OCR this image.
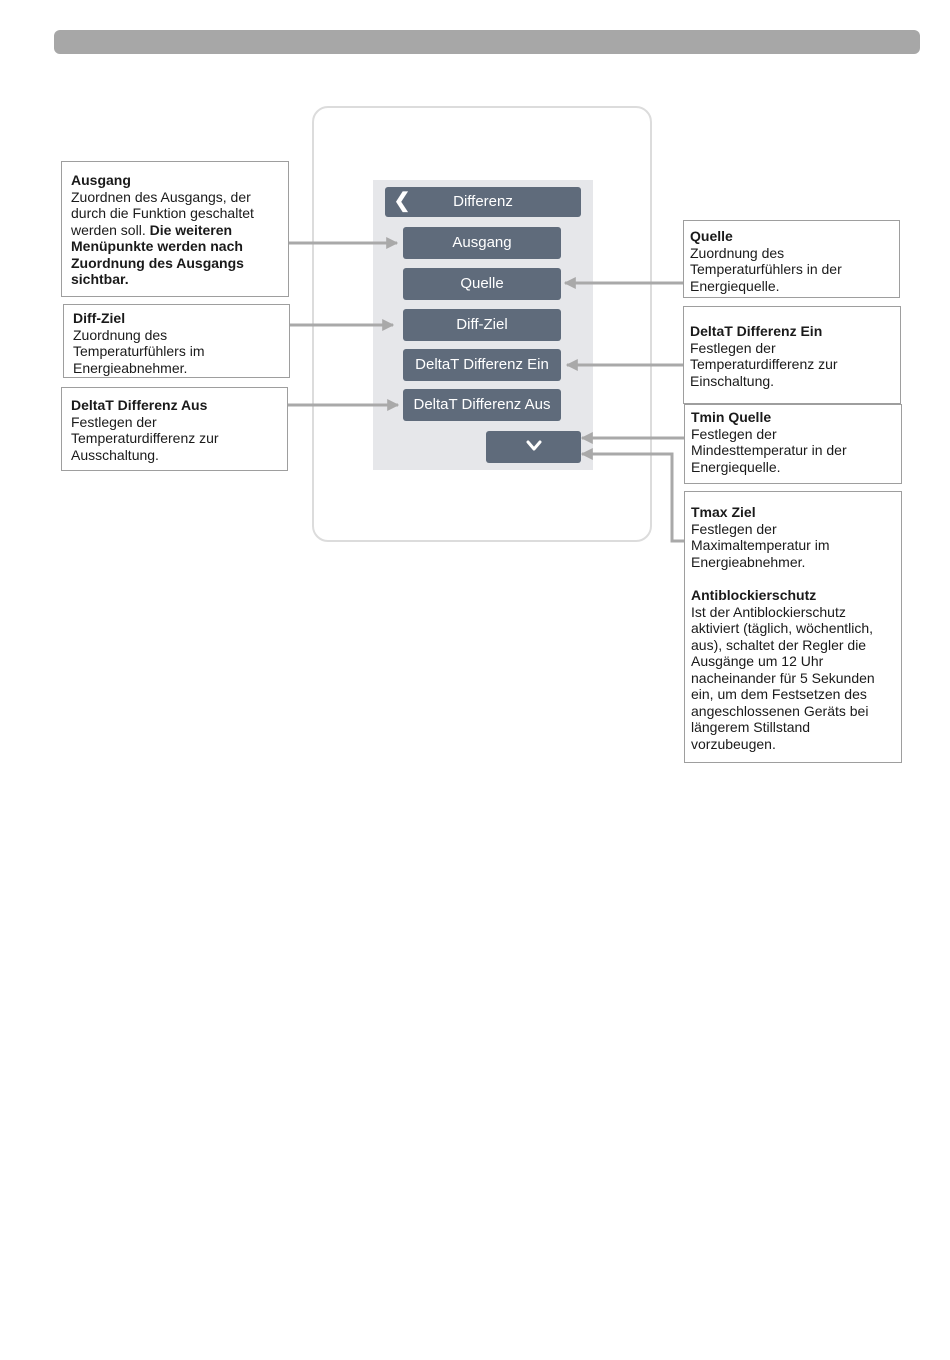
❮	Differenz
Ausgang
Quelle
Diff-Ziel
DeltaT Differenz Ein
DeltaT Differenz Aus
Ausgang
Zuordnen des Ausgangs, der durch die Funktion geschaltet werden soll. Die weiteren Menüpunkte werden nach Zuordnung des Ausgangs sichtbar.
Diff-Ziel
Zuordnung des Temperaturfühlers im Energieabnehmer.
DeltaT Differenz Aus
Festlegen der Temperaturdifferenz zur Ausschaltung.
Quelle
Zuordnung des Temperaturfühlers in der Energiequelle.
DeltaT Differenz Ein
Festlegen der Temperaturdifferenz zur Einschaltung.
Tmin Quelle
Festlegen der Mindesttemperatur in der Energiequelle.
Tmax Ziel
Festlegen der Maximaltemperatur im Energieabnehmer.
Antiblockierschutz
Ist der Antiblockierschutz aktiviert (täglich, wöchentlich, aus), schaltet der Regler die Ausgänge um 12 Uhr nacheinander für 5 Sekunden ein, um dem Festsetzen des angeschlossenen Geräts bei längerem Stillstand vorzubeugen.
